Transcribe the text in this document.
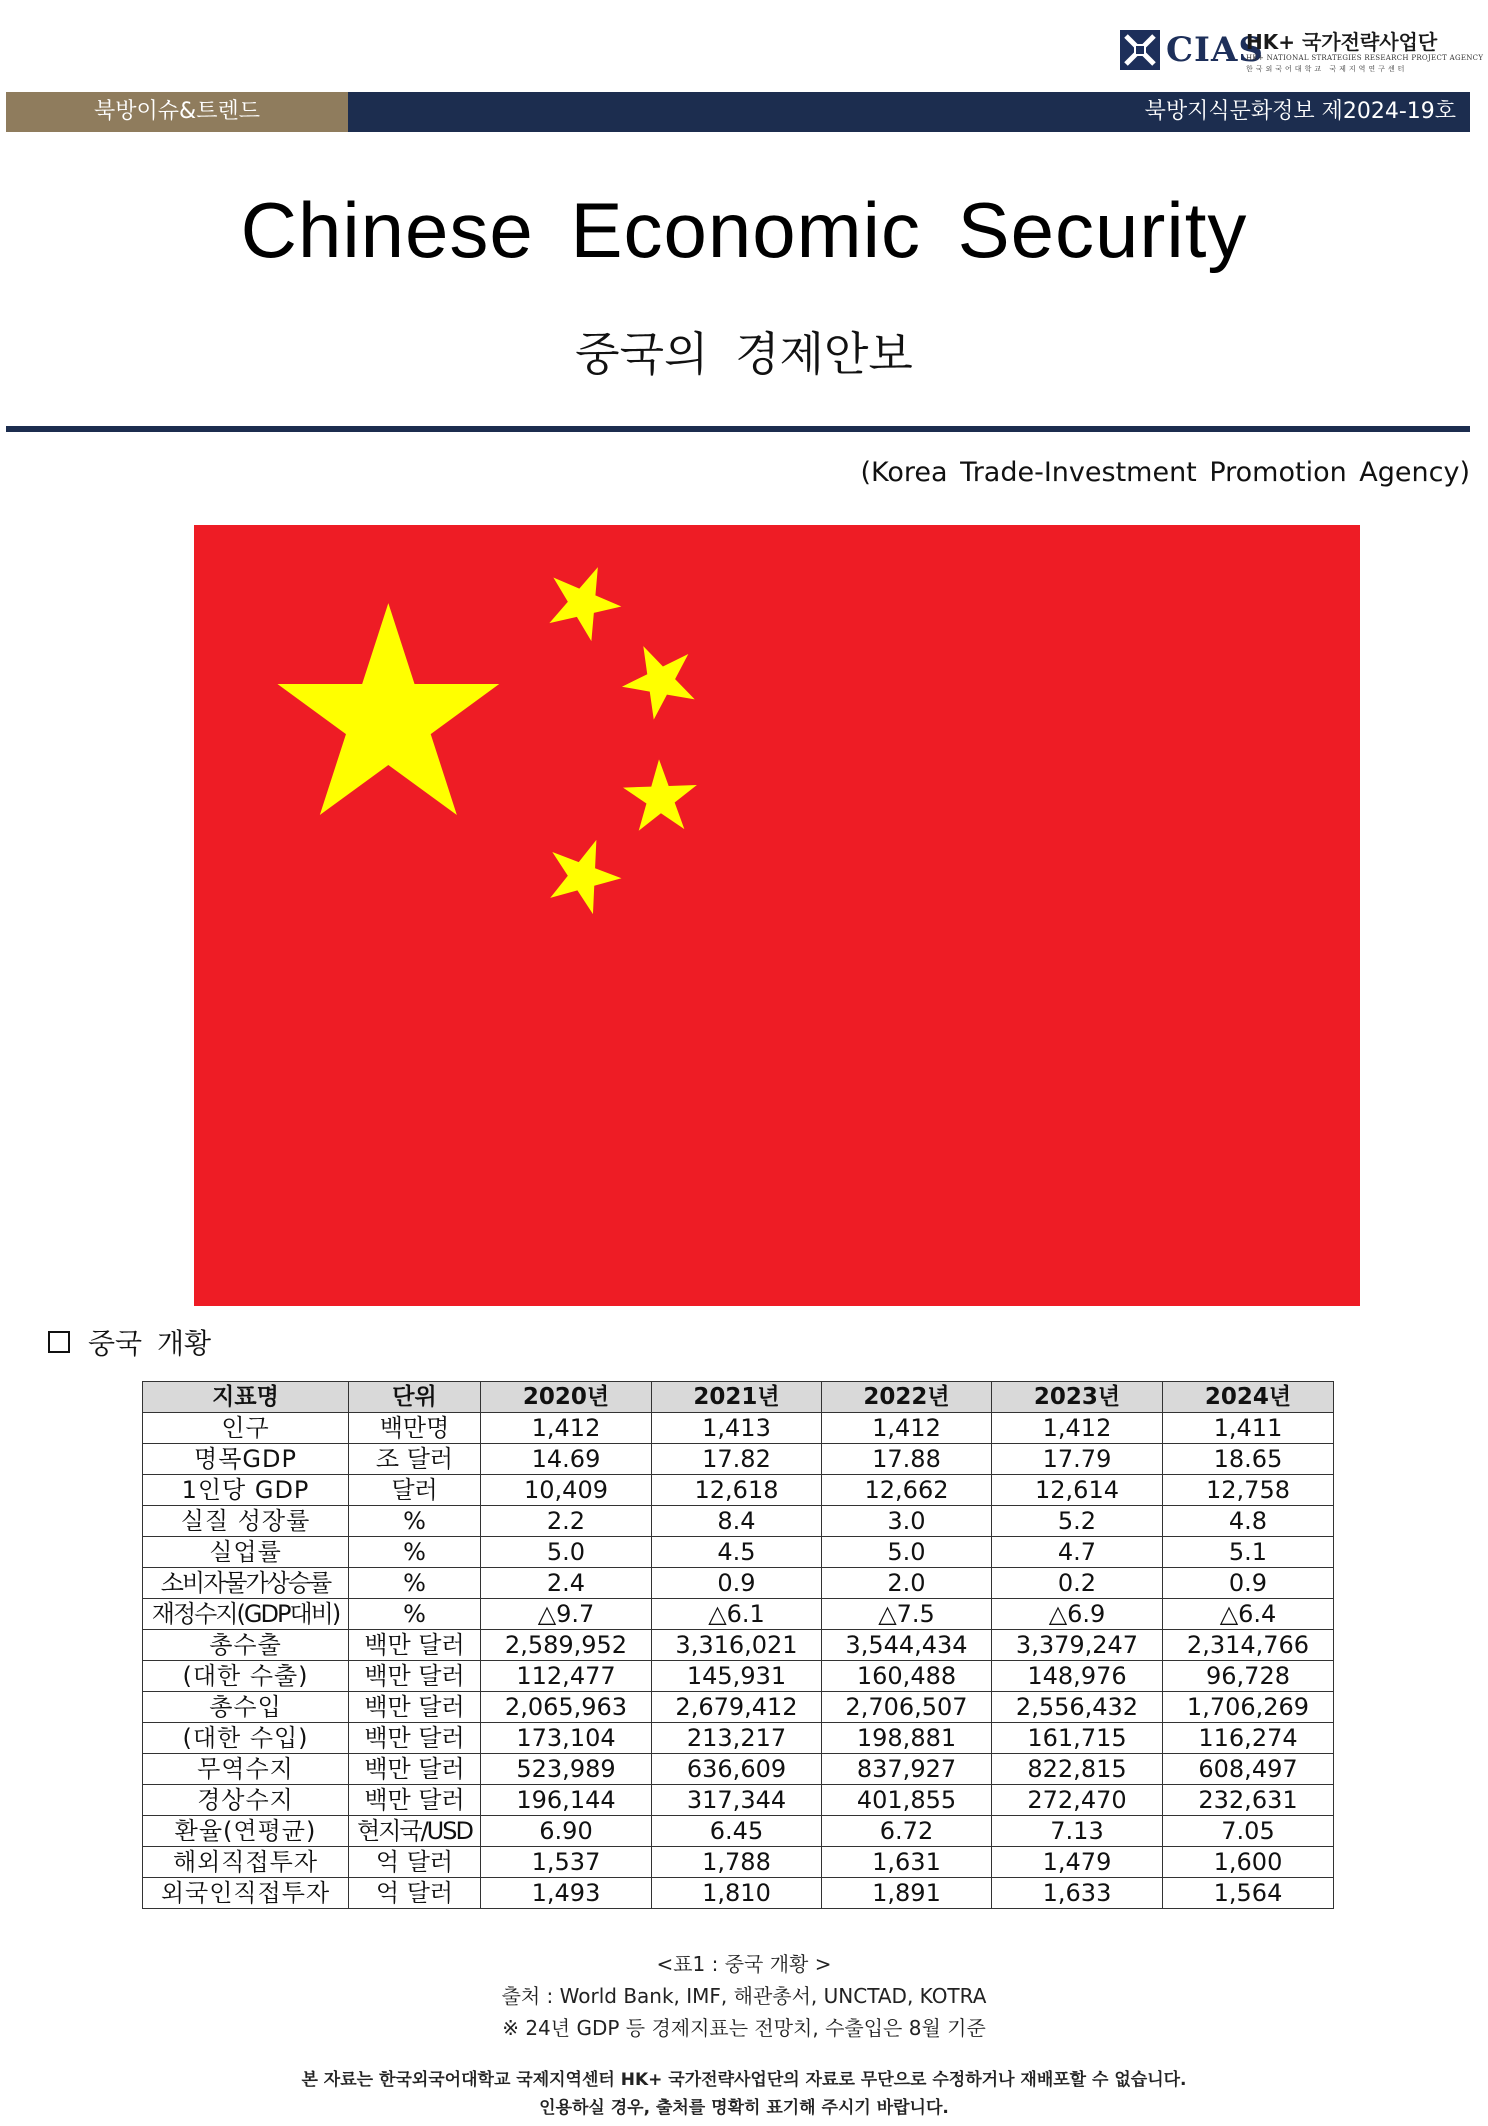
CIAS
HK+ 국가전략사업단
HK+ NATIONAL STRATEGIES RESEARCH PROJECT AGENCY
한국외국어대학교 국제지역연구센터
북방이슈&트렌드	북방지식문화정보 제2024-19호
Chinese Economic Security
중국의 경제안보
(Korea Trade-Investment Promotion Agency)
중국 개황
지표명	단위	2020년	2021년	2022년	2023년	2024년
인구	백만명	1,412	1,413	1,412	1,412	1,411
명목GDP	조 달러	14.69	17.82	17.88	17.79	18.65
1인당 GDP	달러	10,409	12,618	12,662	12,614	12,758
실질 성장률	%	2.2	8.4	3.0	5.2	4.8
실업률	%	5.0	4.5	5.0	4.7	5.1
소비자물가상승률	%	2.4	0.9	2.0	0.2	0.9
재정수지(GDP대비)	%	△9.7	△6.1	△7.5	△6.9	△6.4
총수출	백만 달러	2,589,952	3,316,021	3,544,434	3,379,247	2,314,766
(대한 수출)	백만 달러	112,477	145,931	160,488	148,976	96,728
총수입	백만 달러	2,065,963	2,679,412	2,706,507	2,556,432	1,706,269
(대한 수입)	백만 달러	173,104	213,217	198,881	161,715	116,274
무역수지	백만 달러	523,989	636,609	837,927	822,815	608,497
경상수지	백만 달러	196,144	317,344	401,855	272,470	232,631
환율(연평균)	현지국/USD	6.90	6.45	6.72	7.13	7.05
해외직접투자	억 달러	1,537	1,788	1,631	1,479	1,600
외국인직접투자	억 달러	1,493	1,810	1,891	1,633	1,564
<표1 : 중국 개황 >
출처 : World Bank, IMF, 해관총서, UNCTAD, KOTRA
※ 24년 GDP 등 경제지표는 전망치, 수출입은 8월 기준
본 자료는 한국외국어대학교 국제지역센터 HK+ 국가전략사업단의 자료로 무단으로 수정하거나 재배포할 수 없습니다.
인용하실 경우, 출처를 명확히 표기해 주시기 바랍니다.
